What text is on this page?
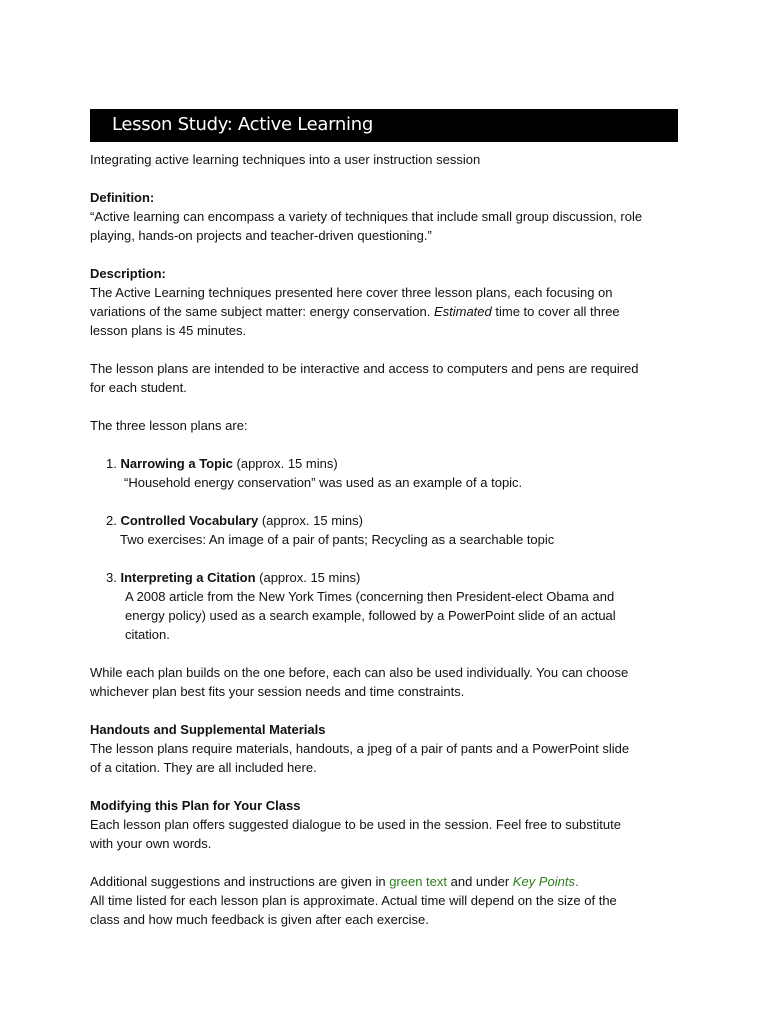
Lesson Study: Active Learning

Integrating active learning techniques into a user instruction session

Definition:

“Active learning can encompass a variety of techniques that include small group discussion, role

playing, hands-on projects and teacher-driven questioning.”

Description:

The Active Learning techniques presented here cover three lesson plans, each focusing on

variations of the same subject matter: energy conservation. Estimated time to cover all three

lesson plans is 45 minutes.

The lesson plans are intended to be interactive and access to computers and pens are required

for each student.

The three lesson plans are:

1. Narrowing a Topic (approx. 15 mins)

“Household energy conservation” was used as an example of a topic.

2. Controlled Vocabulary (approx. 15 mins)

Two exercises: An image of a pair of pants; Recycling as a searchable topic

3. Interpreting a Citation (approx. 15 mins)

A 2008 article from the New York Times (concerning then President-elect Obama and

energy policy) used as a search example, followed by a PowerPoint slide of an actual

citation.

While each plan builds on the one before, each can also be used individually. You can choose

whichever plan best fits your session needs and time constraints.

Handouts and Supplemental Materials

The lesson plans require materials, handouts, a jpeg of a pair of pants and a PowerPoint slide

of a citation. They are all included here.

Modifying this Plan for Your Class

Each lesson plan offers suggested dialogue to be used in the session. Feel free to substitute

with your own words.

Additional suggestions and instructions are given in green text and under Key Points.

All time listed for each lesson plan is approximate. Actual time will depend on the size of the

class and how much feedback is given after each exercise.
